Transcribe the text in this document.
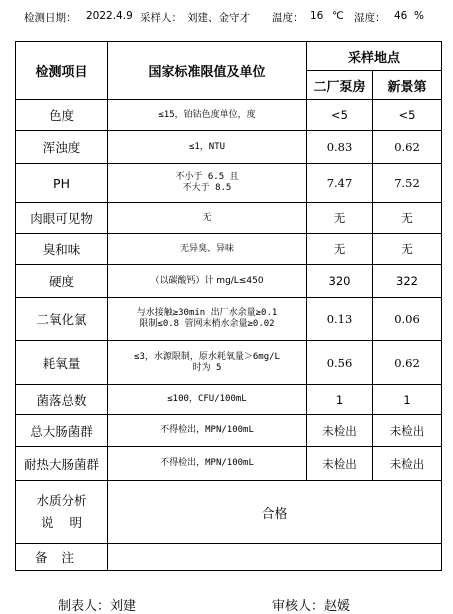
检测日期： 2022.4.9 采样人： 刘建、金守才 温度： 16 ℃ 湿度： 46 %
检测项目	国家标准限值及单位	采样地点	
		二厂泵房	新景第
色度	≤15，铂钴色度单位，度	<5	<5
浑浊度	≤1，NTU	0.83	0.62
PH	不小于 6.5 且
不大于 8.5	7.47	7.52
肉眼可见物	无	无	无
臭和味	无异臭、异味	无	无
硬度	（以碳酸钙）计 mg/L≤450	320	322
二氧化氯	与水接触≥30min 出厂水余量≥0.1
限制≤0.8 管网末梢水余量≥0.02	0.13	0.06
耗氧量	≤3，水源限制，原水耗氧量＞6mg/L
时为 5	0.56	0.62
菌落总数	≤100，CFU/100mL	1	1
总大肠菌群	不得检出，MPN/100mL	未检出	未检出
耐热大肠菌群	不得检出，MPN/100mL	未检出	未检出

水质分析
说明	合格		
备注			
制表人：刘建	审核人：赵媛
